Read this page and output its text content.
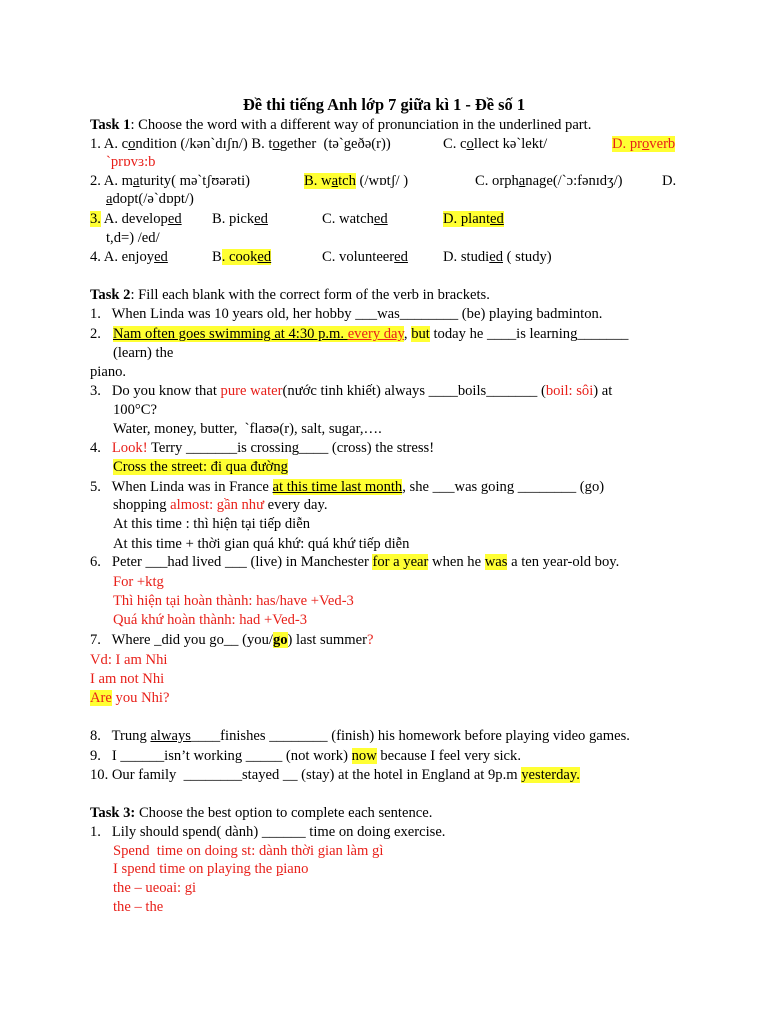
Đề thi tiếng Anh lớp 7 giữa kì 1 - Đề số 1
Task 1: Choose the word with a different way of pronunciation in the underlined part.
1. A. condition (/kən`dɪʃn/) B. together  (tə`geðə(r))	C. collect kə`lekt/	D. proverb
`prɒvɜ:b
2. A. maturity( mə`tʃʊərəti)	B. watch (/wɒtʃ/ )	C. orphanage(/`ɔ:fənɪdʒ/)	D.
adopt(/ə`dɒpt/)
3. A. developed B. picked	C. watched	D. planted
t,d=) /ed/
4. A. enjoyed	B. cooked	C. volunteered D. studied ( study)
Task 2: Fill each blank with the correct form of the verb in brackets.
1.   When Linda was 10 years old, her hobby ___was________ (be) playing badminton.
2. Nam often goes swimming at 4:30 p.m. every day, but today he ____is learning_______
(learn) the
piano.
3.   Do you know that pure water(nước tinh khiết) always ____boils_______ (boil: sôi) at
100°C?
Water, money, butter,  `flaʊə(r), salt, sugar,….
4.   Look! Terry _______is crossing____ (cross) the stress!
Cross the street: đi qua đường
5.   When Linda was in France at this time last month, she ___was going ________ (go)
shopping almost: gần như every day.
At this time : thì hiện tại tiếp diễn
At this time + thời gian quá khứ: quá khứ tiếp diễn
6.   Peter ___had lived ___ (live) in Manchester for a year when he was a ten year-old boy.
For +ktg
Thì hiện tại hoàn thành: has/have +Ved-3
Quá khứ hoàn thành: had +Ved-3
7.   Where _did you go__ (you/go) last summer?
Vd: I am Nhi
I am not Nhi
Are you Nhi?
8.   Trung always____finishes ________ (finish) his homework before playing video games.
9.   I ______isn’t working _____ (not work) now because I feel very sick.
10. Our family  ________stayed __ (stay) at the hotel in England at 9p.m yesterday.
Task 3: Choose the best option to complete each sentence.
1.   Lily should spend( dành) ______ time on doing exercise.
Spend  time on doing st: dành thời gian làm gì
I spend time on playing the piano
the – ueoai: gi
the – the
